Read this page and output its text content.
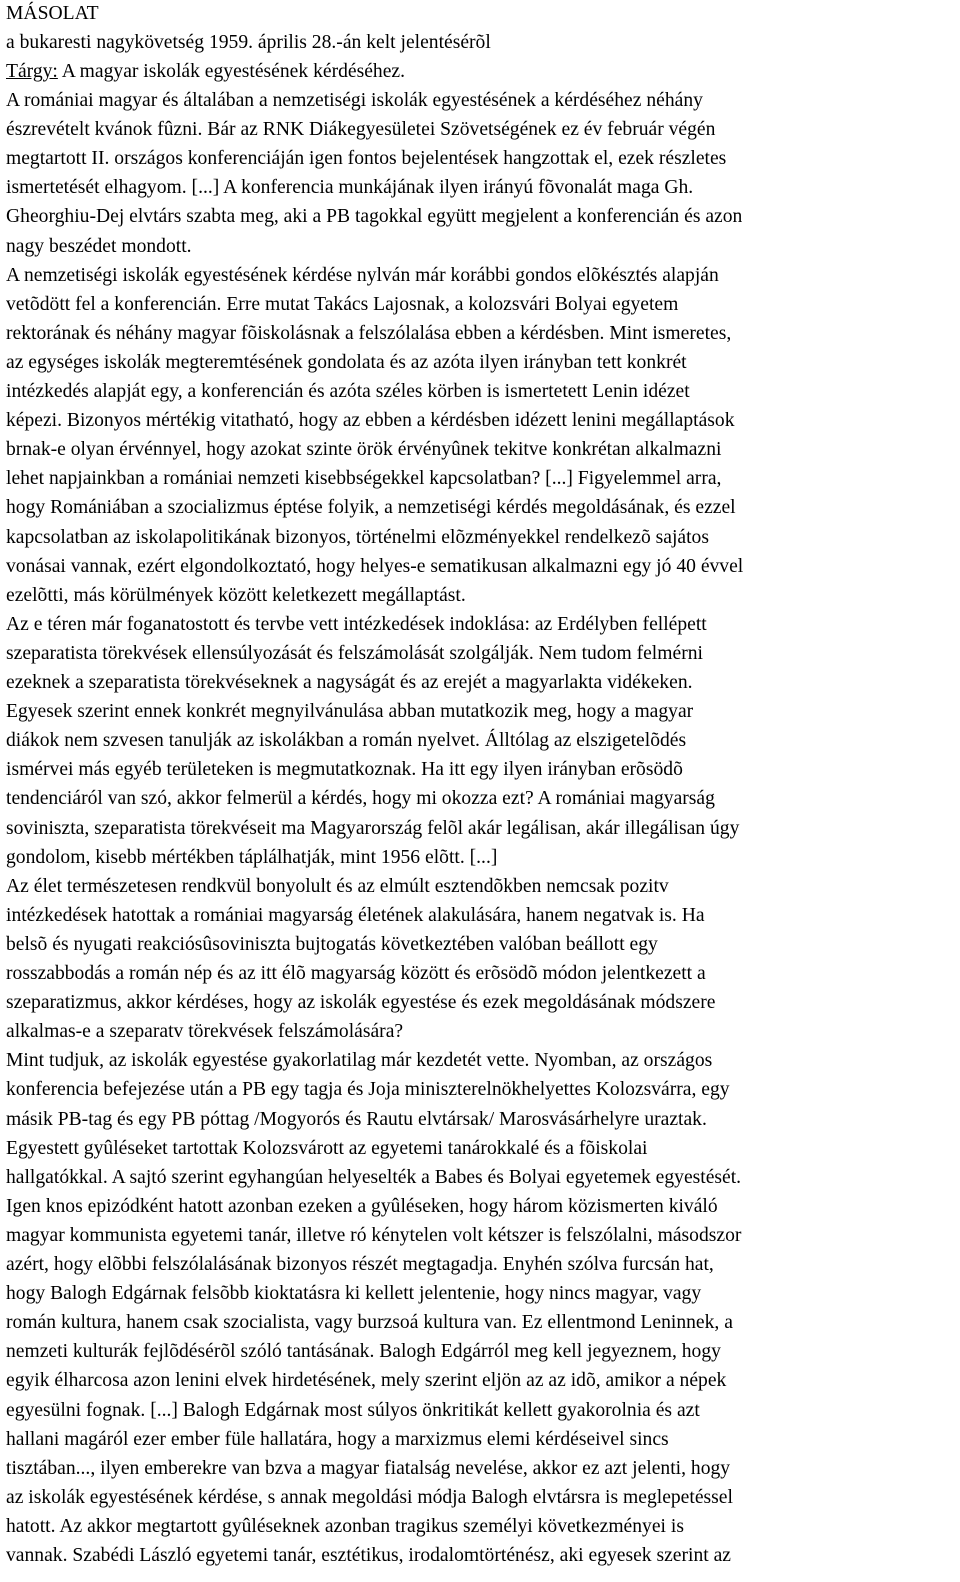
MÁSOLAT
a bukaresti nagykövetség 1959. április 28.-án kelt jelentésérõl
Tárgy: A magyar iskolák egyestésének kérdéséhez.
A romániai magyar és általában a nemzetiségi iskolák egyestésének a kérdéséhez néhány
észrevételt kvánok fûzni. Bár az RNK Diákegyesületei Szövetségének ez év február végén
megtartott II. országos konferenciáján igen fontos bejelentések hangzottak el, ezek részletes
ismertetését elhagyom. [...] A konferencia munkájának ilyen irányú fõvonalát maga Gh.
Gheorghiu-Dej elvtárs szabta meg, aki a PB tagokkal együtt megjelent a konferencián és azon
nagy beszédet mondott.
A nemzetiségi iskolák egyestésének kérdése nylván már korábbi gondos elõkésztés alapján
vetõdött fel a konferencián. Erre mutat Takács Lajosnak, a kolozsvári Bolyai egyetem
rektorának és néhány magyar fõiskolásnak a felszólalása ebben a kérdésben. Mint ismeretes,
az egységes iskolák megteremtésének gondolata és az azóta ilyen irányban tett konkrét
intézkedés alapját egy, a konferencián és azóta széles körben is ismertetett Lenin idézet
képezi. Bizonyos mértékig vitatható, hogy az ebben a kérdésben idézett lenini megállaptások
brnak-e olyan érvénnyel, hogy azokat szinte örök érvényûnek tekitve konkrétan alkalmazni
lehet napjainkban a romániai nemzeti kisebbségekkel kapcsolatban? [...] Figyelemmel arra,
hogy Romániában a szocializmus éptése folyik, a nemzetiségi kérdés megoldásának, és ezzel
kapcsolatban az iskolapolitikának bizonyos, történelmi elõzményekkel rendelkezõ sajátos
vonásai vannak, ezért elgondolkoztató, hogy helyes-e sematikusan alkalmazni egy jó 40 évvel
ezelõtti, más körülmények között keletkezett megállaptást.
Az e téren már foganatostott és tervbe vett intézkedések indoklása: az Erdélyben fellépett
szeparatista törekvések ellensúlyozását és felszámolását szolgálják. Nem tudom felmérni
ezeknek a szeparatista törekvéseknek a nagyságát és az erejét a magyarlakta vidékeken.
Egyesek szerint ennek konkrét megnyilvánulása abban mutatkozik meg, hogy a magyar
diákok nem szvesen tanulják az iskolákban a román nyelvet. Álltólag az elszigetelõdés
ismérvei más egyéb területeken is megmutatkoznak. Ha itt egy ilyen irányban erõsödõ
tendenciáról van szó, akkor felmerül a kérdés, hogy mi okozza ezt? A romániai magyarság
soviniszta, szeparatista törekvéseit ma Magyarország felõl akár legálisan, akár illegálisan úgy
gondolom, kisebb mértékben táplálhatják, mint 1956 elõtt. [...]
Az élet természetesen rendkvül bonyolult és az elmúlt esztendõkben nemcsak pozitv
intézkedések hatottak a romániai magyarság életének alakulására, hanem negatvak is. Ha
belsõ és nyugati reakciósûsoviniszta bujtogatás következtében valóban beállott egy
rosszabbodás a román nép és az itt élõ magyarság között és erõsödõ módon jelentkezett a
szeparatizmus, akkor kérdéses, hogy az iskolák egyestése és ezek megoldásának módszere
alkalmas-e a szeparatv törekvések felszámolására?
Mint tudjuk, az iskolák egyestése gyakorlatilag már kezdetét vette. Nyomban, az országos
konferencia befejezése után a PB egy tagja és Joja miniszterelnökhelyettes Kolozsvárra, egy
másik PB-tag és egy PB póttag /Mogyorós és Rautu elvtársak/ Marosvásárhelyre uraztak.
Egyestett gyûléseket tartottak Kolozsvárott az egyetemi tanárokkalé és a fõiskolai
hallgatókkal. A sajtó szerint egyhangúan helyeselték a Babes és Bolyai egyetemek egyestését.
Igen knos epizódként hatott azonban ezeken a gyûléseken, hogy három közismerten kiváló
magyar kommunista egyetemi tanár, illetve ró kénytelen volt kétszer is felszólalni, másodszor
azért, hogy elõbbi felszólalásának bizonyos részét megtagadja. Enyhén szólva furcsán hat,
hogy Balogh Edgárnak felsõbb kioktatásra ki kellett jelentenie, hogy nincs magyar, vagy
román kultura, hanem csak szocialista, vagy burzsoá kultura van. Ez ellentmond Leninnek, a
nemzeti kulturák fejlõdésérõl szóló tantásának. Balogh Edgárról meg kell jegyeznem, hogy
egyik élharcosa azon lenini elvek hirdetésének, mely szerint eljön az az idõ, amikor a népek
egyesülni fognak. [...] Balogh Edgárnak most súlyos önkritikát kellett gyakorolnia és azt
hallani magáról ezer ember füle hallatára, hogy a marxizmus elemi kérdéseivel sincs
tisztában..., ilyen emberekre van bzva a magyar fiatalság nevelése, akkor ez azt jelenti, hogy
az iskolák egyestésének kérdése, s annak megoldási módja Balogh elvtársra is meglepetéssel
hatott. Az akkor megtartott gyûléseknek azonban tragikus személyi következményei is
vannak. Szabédi László egyetemi tanár, esztétikus, irodalomtörténész, aki egyesek szerint az
